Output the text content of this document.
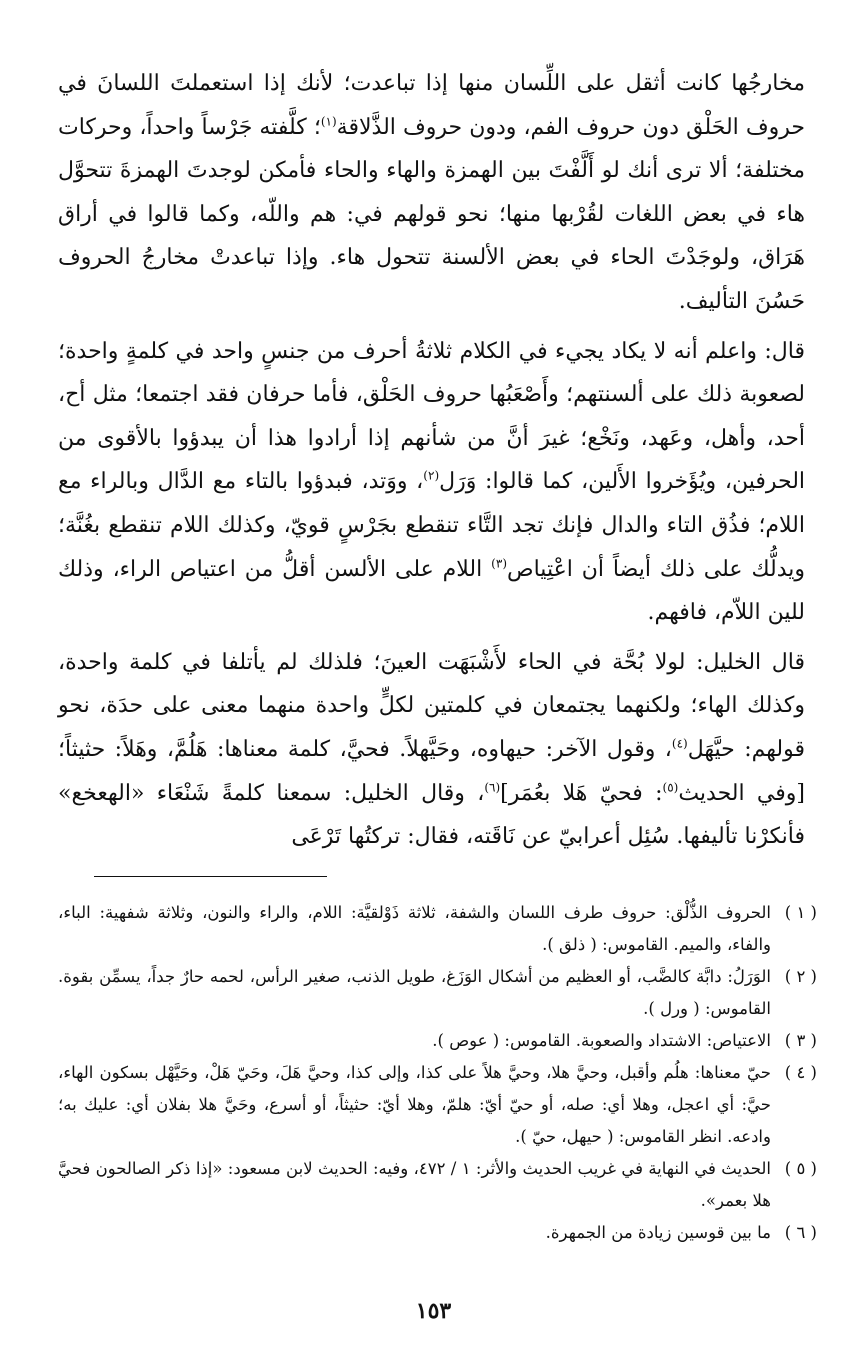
مخارجُها كانت أثقل على اللِّسان منها إذا تباعدت؛ لأنك إذا استعملتَ اللسانَ في حروف الحَلْق دون حروف الفم، ودون حروف الذَّلاقة$^{(١)}$؛ كلَّفته جَرْساً واحداً، وحركات مختلفة؛ ألا ترى أنك لو أَلَّفْتَ بين الهمزة والهاء والحاء فأمكن لوجدتَ الهمزةَ تتحوَّل هاء في بعض اللغات لقُرْبها منها؛ نحو قولهم في: هم واللّه، وكما قالوا في أراق هَرَاق، ولوجَدْتَ الحاء في بعض الألسنة تتحول هاء. وإذا تباعدتْ مخارجُ الحروف حَسُنَ التأليف.

قال: واعلم أنه لا يكاد يجيء في الكلام ثلاثةُ أحرف من جنسٍ واحد في كلمةٍ واحدة؛ لصعوبة ذلك على ألسنتهم؛ وأَصْعَبُها حروف الحَلْق، فأما حرفان فقد اجتمعا؛ مثل أح، أحد، وأهل، وعَهد، ونَخْع؛ غيرَ أنَّ من شأنهم إذا أرادوا هذا أن يبدؤوا بالأقوى من الحرفين، ويُؤَخروا الأَلين، كما قالوا: وَرَل$^{(٢)}$، ووَتد، فبدؤوا بالتاء مع الدَّال وبالراء مع اللام؛ فذُق التاء والدال فإنك تجد التَّاء تنقطع بجَرْسٍ قويّ، وكذلك اللام تنقطع بغُنَّة؛ ويدلُّك على ذلك أيضاً أن اعْتِياص$^{(٣)}$ اللام على الألسن أقلُّ من اعتياص الراء، وذلك للين اللاّم، فافهم.

قال الخليل: لولا بُحَّة في الحاء لأَشْبَهَت العينَ؛ فلذلك لم يأتلفا في كلمة واحدة، وكذلك الهاء؛ ولكنهما يجتمعان في كلمتين لكلٍّ واحدة منهما معنى على حدَة، نحو قولهم: حيَّهَل$^{(٤)}$، وقول الآخر: حيهاوه، وحَيَّهلاً. فحيَّ، كلمة معناها: هَلُمَّ، وهَلاً: حثيثاً؛ [وفي الحديث$^{(٥)}$: فحيّ هَلا بعُمَر]$^{(٦)}$، وقال الخليل: سمعنا كلمةً شَنْعَاء «الهعخع» فأنكرْنا تأليفها. سُئِل أعرابيّ عن نَاقَته، فقال: تركتُها تَرْعَى

( ١ )
الحروف الذُّلْق: حروف طرف اللسان والشفة، ثلاثة ذَوْلقيَّة: اللام، والراء والنون، وثلاثة شفهية: الباء، والفاء، والميم. القاموس: ( ذلق ).
( ٢ )
الوَرَلُ: دابَّة كالضَّب، أو العظيم من أشكال الوَزَغ، طويل الذنب، صغير الرأس، لحمه حارٌ جداً، يسمِّن بقوة. القاموس: ( ورل ).
( ٣ )
الاعتياص: الاشتداد والصعوبة. القاموس: ( عوص ).
( ٤ )
حيّ معناها: هلُم وأقبل، وحيَّ هلا، وحيَّ هلاً على كذا، وإلى كذا، وحيَّ هَلَ، وحَيّ هَلْ، وحَيَّهْل بسكون الهاء، حيَّ: أي اعجل، وهلا أي: صله، أو حيّ أيّ: هلمّ، وهلا أيّ: حثيثاً، أو أسرع، وحَيَّ هلا بفلان أي: عليك به؛ وادعه. انظر القاموس: ( حيهل، حيّ ).
( ٥ )
الحديث في النهاية في غريب الحديث والأثر: ١ / ٤٧٢، وفيه: الحديث لابن مسعود: «إذا ذكر الصالحون فحيَّ هلا بعمر».
( ٦ )
ما بين قوسين زيادة من الجمهرة.
١٥٣
